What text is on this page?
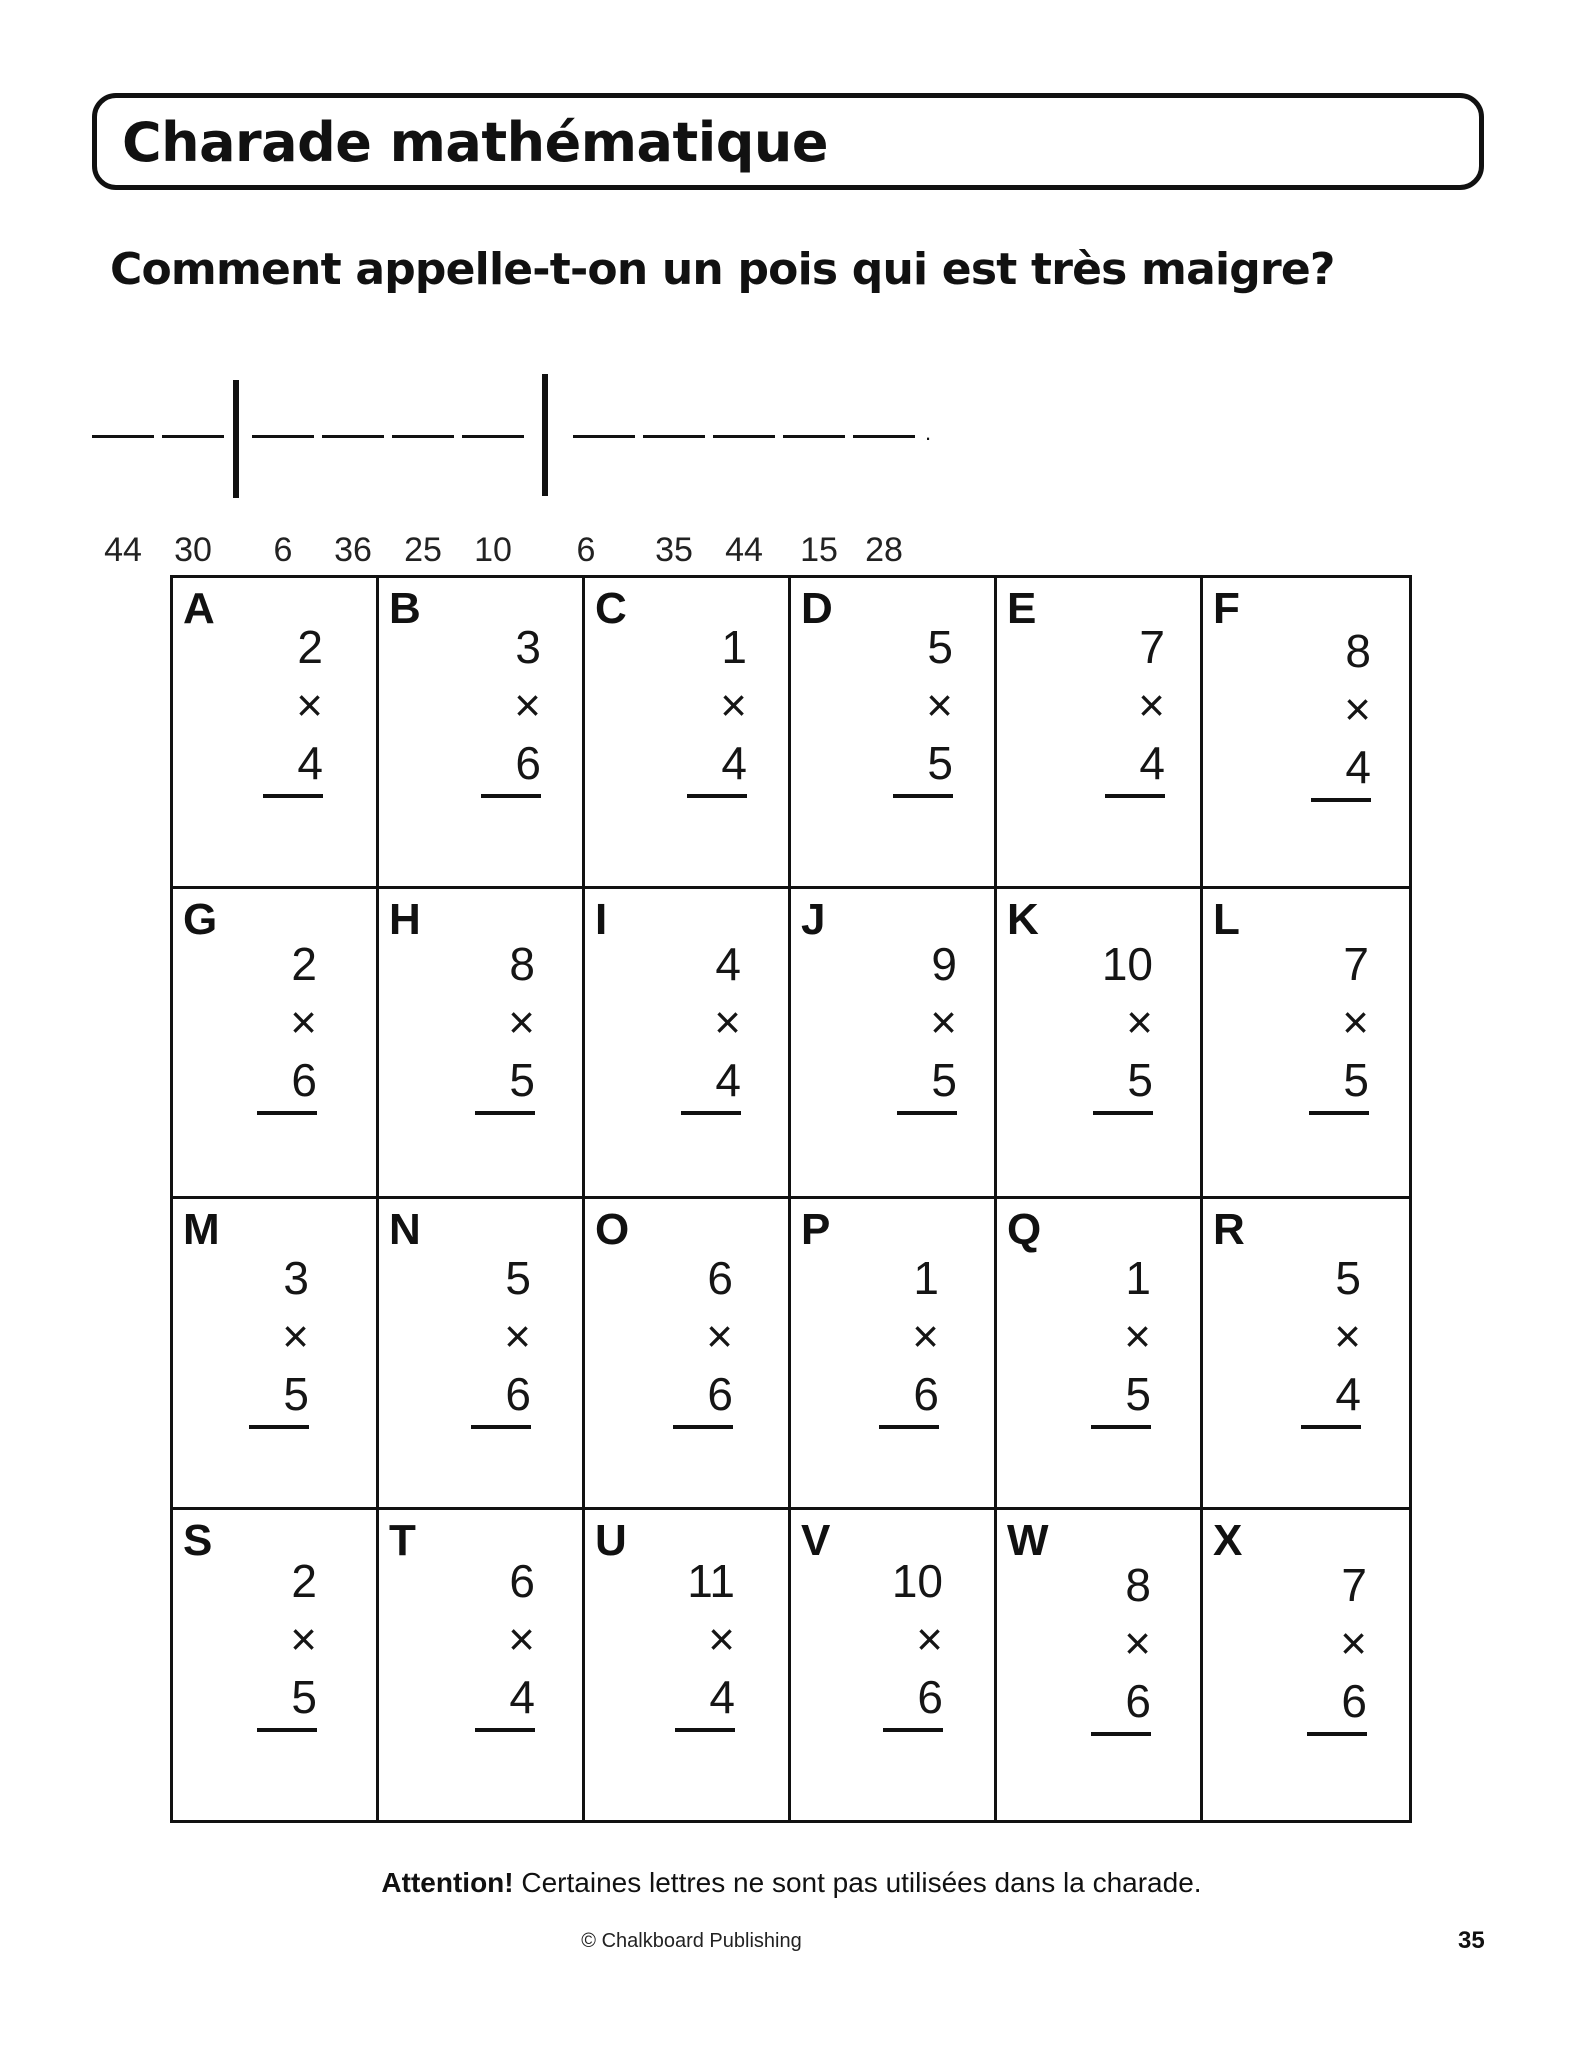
Charade mathématique
Comment appelle-t-on un pois qui est très maigre?
44 30	6	36 25 10	6	35 44	15 28
.
A
2
× 4
B
3
× 6
C
1
× 4
D
5
× 5
E
7
× 4
F
8
× 4
G
2
× 6
H
8
× 5
I
4
× 4
J
9
× 5
K
10
× 5
L
7
× 5
M
3
× 5
N
5
× 6
O
6
× 6
P
1
× 6
Q
1
× 5
R
5
× 4
S
2
× 5
T
6
× 4
U
11
× 4
V
10
× 6
W
8
× 6
X
7
× 6
Attention! Certaines lettres ne sont pas utilisées dans la charade.
© Chalkboard Publishing	35
